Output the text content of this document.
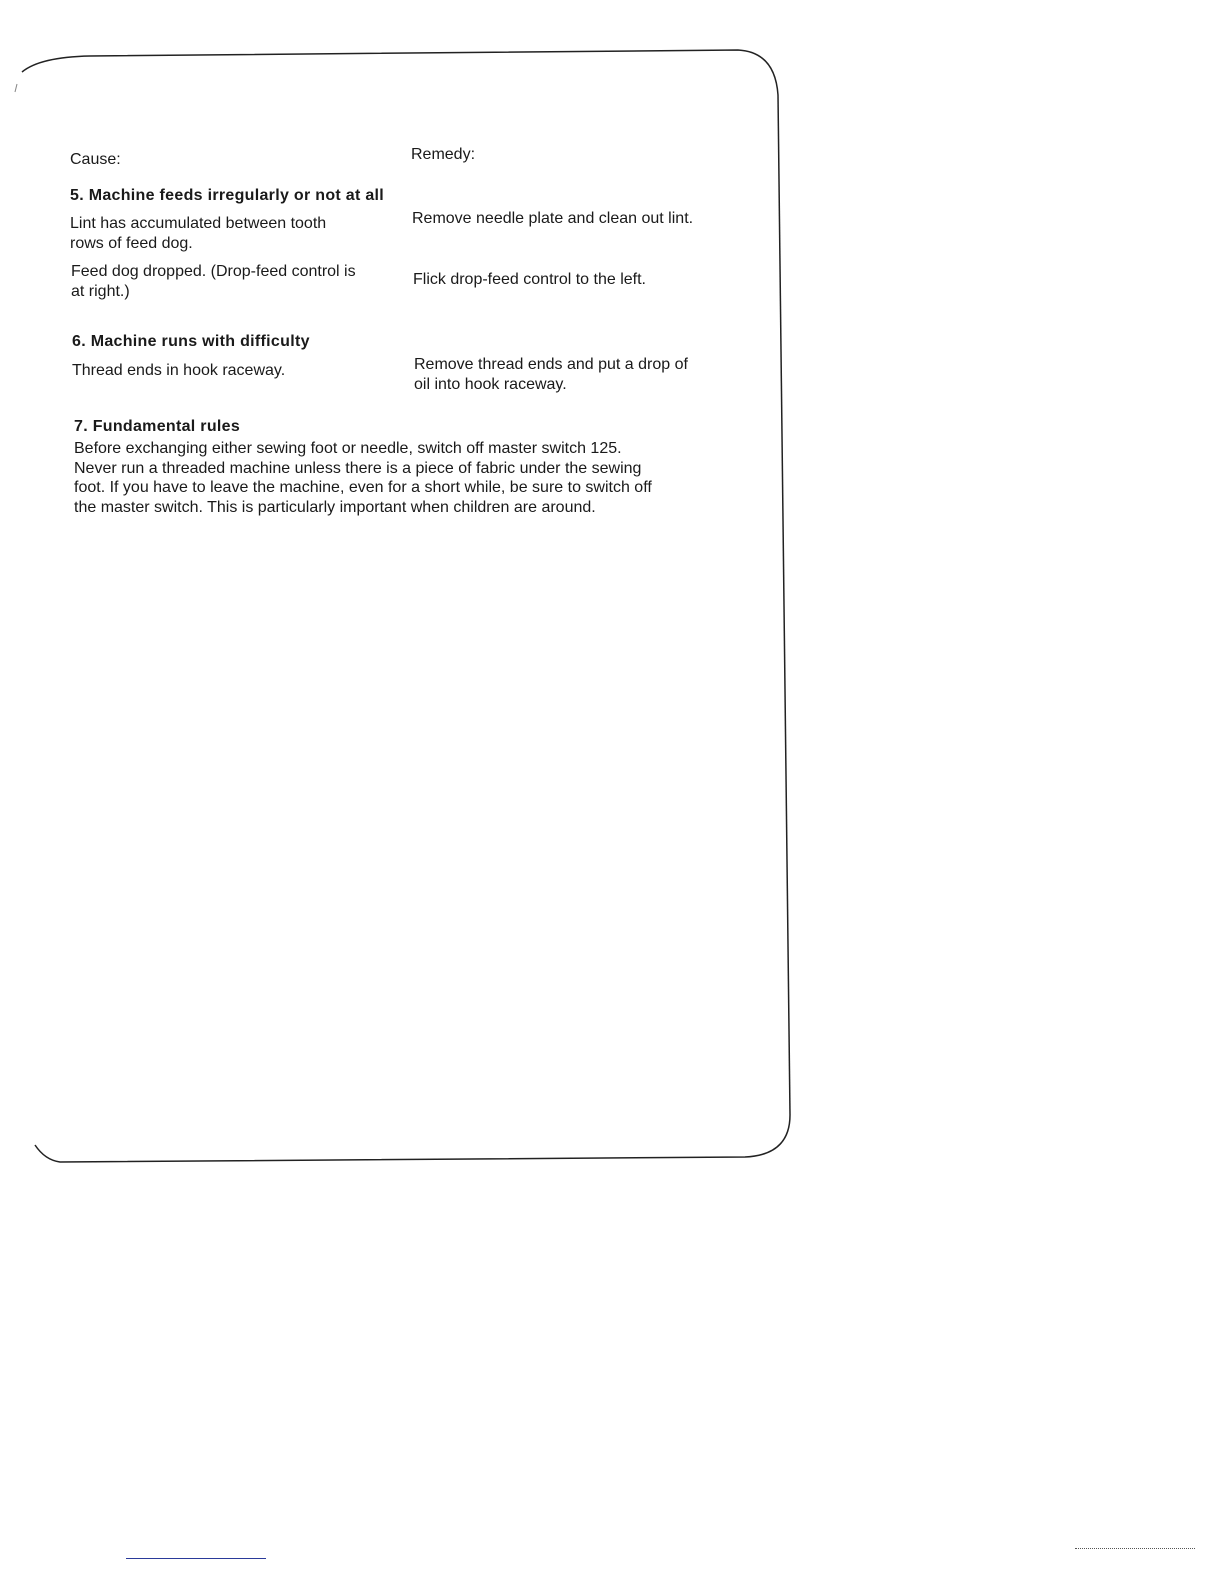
Cause:	Remedy:
5. Machine feeds irregularly or not at all
Lint has accumulated between tooth
rows of feed dog.
Remove needle plate and clean out lint.
Feed dog dropped. (Drop-feed control is
at right.)
Flick drop-feed control to the left.
6. Machine runs with difficulty
Thread ends in hook raceway.	Remove thread ends and put a drop of
oil into hook raceway.
7. Fundamental rules
Before exchanging either sewing foot or needle, switch off master switch 125.
Never run a threaded machine unless there is a piece of fabric under the sewing
foot. If you have to leave the machine, even for a short while, be sure to switch off
the master switch. This is particularly important when children are around.
